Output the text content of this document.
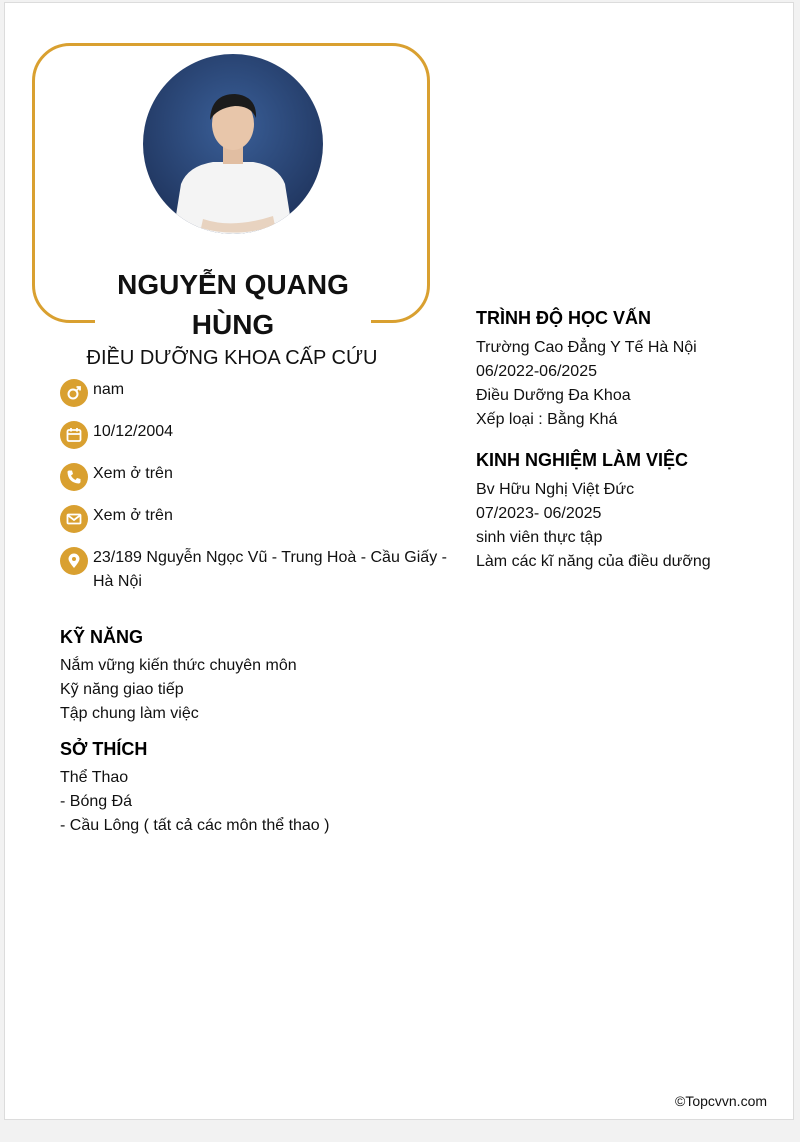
NGUYỄN QUANG HÙNG
ĐIỀU DƯỠNG KHOA CẤP CỨU
nam
10/12/2004
Xem ở trên
Xem ở trên
23/189 Nguyễn Ngọc Vũ - Trung Hoà - Cầu Giấy - Hà Nội
KỸ NĂNG
Nắm vững kiến thức chuyên môn
Kỹ năng giao tiếp
Tập chung làm việc
SỞ THÍCH
Thể Thao
- Bóng Đá
- Cầu Lông ( tất cả các môn thể thao )
TRÌNH ĐỘ HỌC VẤN
Trường Cao Đẳng Y Tế Hà Nội
06/2022-06/2025
Điều Dưỡng Đa Khoa
Xếp loại : Bằng Khá
KINH NGHIỆM LÀM VIỆC
Bv Hữu Nghị Việt Đức
07/2023- 06/2025
sinh viên thực tập
Làm các kĩ năng của điều dưỡng
©Topcvvn.com
